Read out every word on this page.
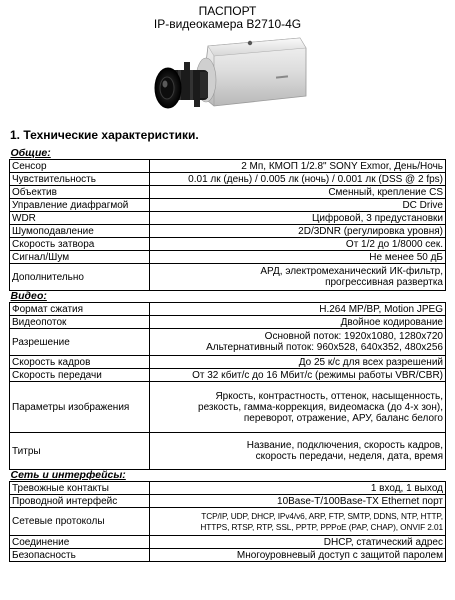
ПАСПОРТ
IP-видеокамера B2710-4G
1. Технические характеристики.
Общие:	
Сенсор	2 Мп, КМОП 1/2.8" SONY Exmor, День/Ночь
Чувствительность	0.01 лк (день) / 0.005 лк (ночь) / 0.001 лк (DSS @ 2 fps)
Объектив	Сменный, крепление CS
Управление диафрагмой	DC Drive
WDR	Цифровой, 3 предустановки
Шумоподавление	2D/3DNR (регулировка уровня)
Скорость затвора	От 1/2 до 1/8000 сек.
Сигнал/Шум	Не менее 50 дБ
Дополнительно	АРД, электромеханический ИК-фильтр,
прогрессивная развертка

Видео:	
Формат сжатия	H.264 MP/BP, Motion JPEG
Видеопоток	Двойное кодирование
Разрешение	Основной поток: 1920x1080, 1280x720
Альтернативный поток: 960x528, 640x352, 480x256

Скорость кадров	До 25 к/с для всех разрешений
Скорость передачи	От 32 кбит/с до 16 Мбит/с (режимы работы VBR/CBR)
Параметры изображения	Яркость, контрастность, оттенок, насыщенность,
резкость, гамма-коррекция, видеомаска (до 4-х зон),
переворот, отражение, АРУ, баланс белого

Титры	Название, подключения, скорость кадров,
скорость передачи, неделя, дата, время

Сеть и интерфейсы:	
Тревожные контакты	1 вход, 1 выход
Проводной интерфейс	10Base-T/100Base-TX Ethernet порт
Сетевые протоколы	TCP/IP, UDP, DHCP, IPv4/v6, ARP, FTP, SMTP, DDNS, NTP, HTTP,
HTTPS, RTSP, RTP, SSL, PPTP, PPPoE (PAP, CHAP), ONVIF 2.01

Соединение	DHCP, статический адрес
Безопасность	Многоуровневый доступ с защитой паролем
